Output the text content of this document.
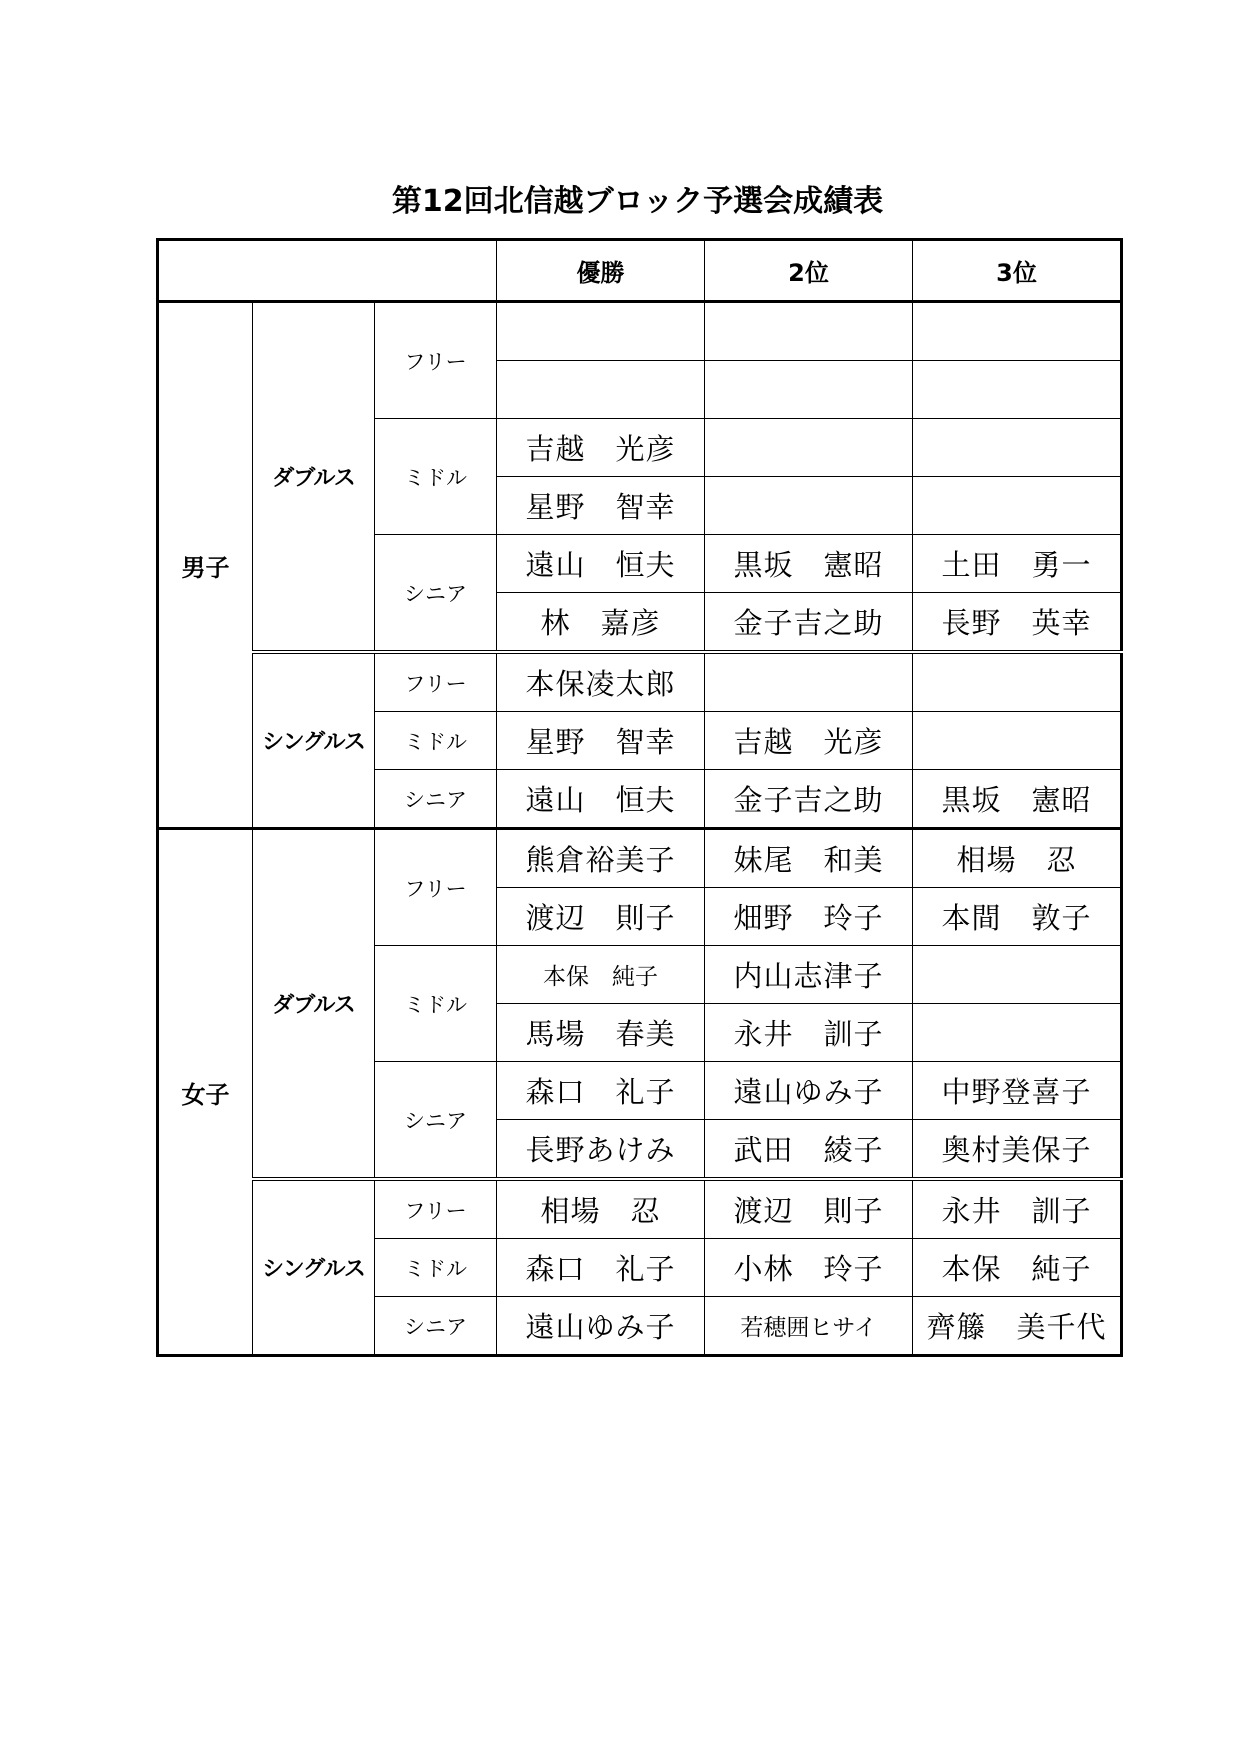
第12回北信越ブロック予選会成績表
			優勝	2位	3位
男子	ダブルス	フリー			

		ミドル	吉越　光彦		
			星野　智幸		
		シニア	遠山　恒夫	黒坂　憲昭	土田　勇一
			林　嘉彦	金子吉之助	長野　英幸
	シングルス	フリー	本保凌太郎		
		ミドル	星野　智幸	吉越　光彦	
		シニア	遠山　恒夫	金子吉之助	黒坂　憲昭
女子	ダブルス	フリー	熊倉裕美子	妹尾　和美	相場　忍
			渡辺　則子	畑野　玲子	本間　敦子
		ミドル	本保　純子	内山志津子	
			馬場　春美	永井　訓子	
		シニア	森口　礼子	遠山ゆみ子	中野登喜子
			長野あけみ	武田　綾子	奥村美保子
	シングルス	フリー	相場　忍	渡辺　則子	永井　訓子
		ミドル	森口　礼子	小林　玲子	本保　純子
		シニア	遠山ゆみ子	若穂囲ヒサイ	齊籐　美千代
